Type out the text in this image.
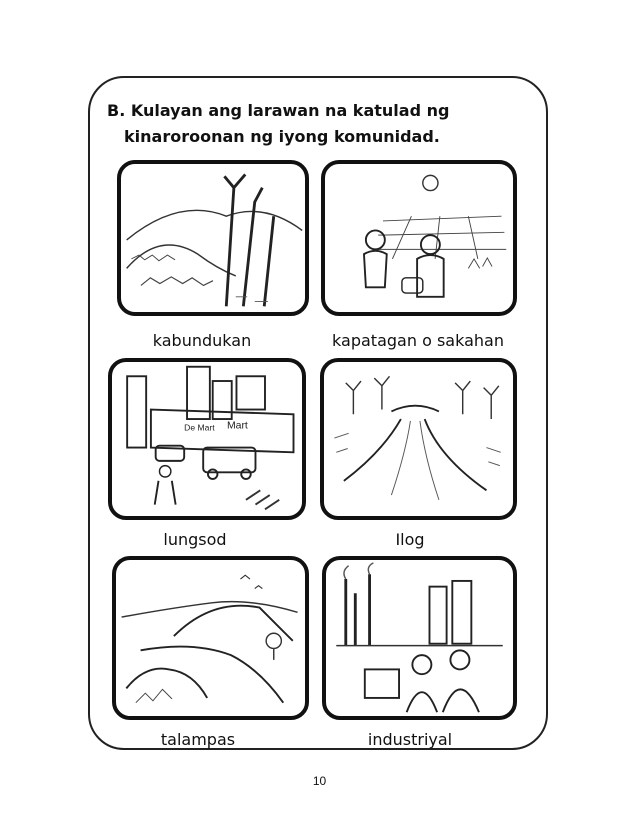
B. Kulayan ang larawan na katulad ng
kinaroroonan ng iyong komunidad.
kabundukan	kapatagan o sakahan
De Mart Mart
lungsod	Ilog
talampas	industriyal
10
